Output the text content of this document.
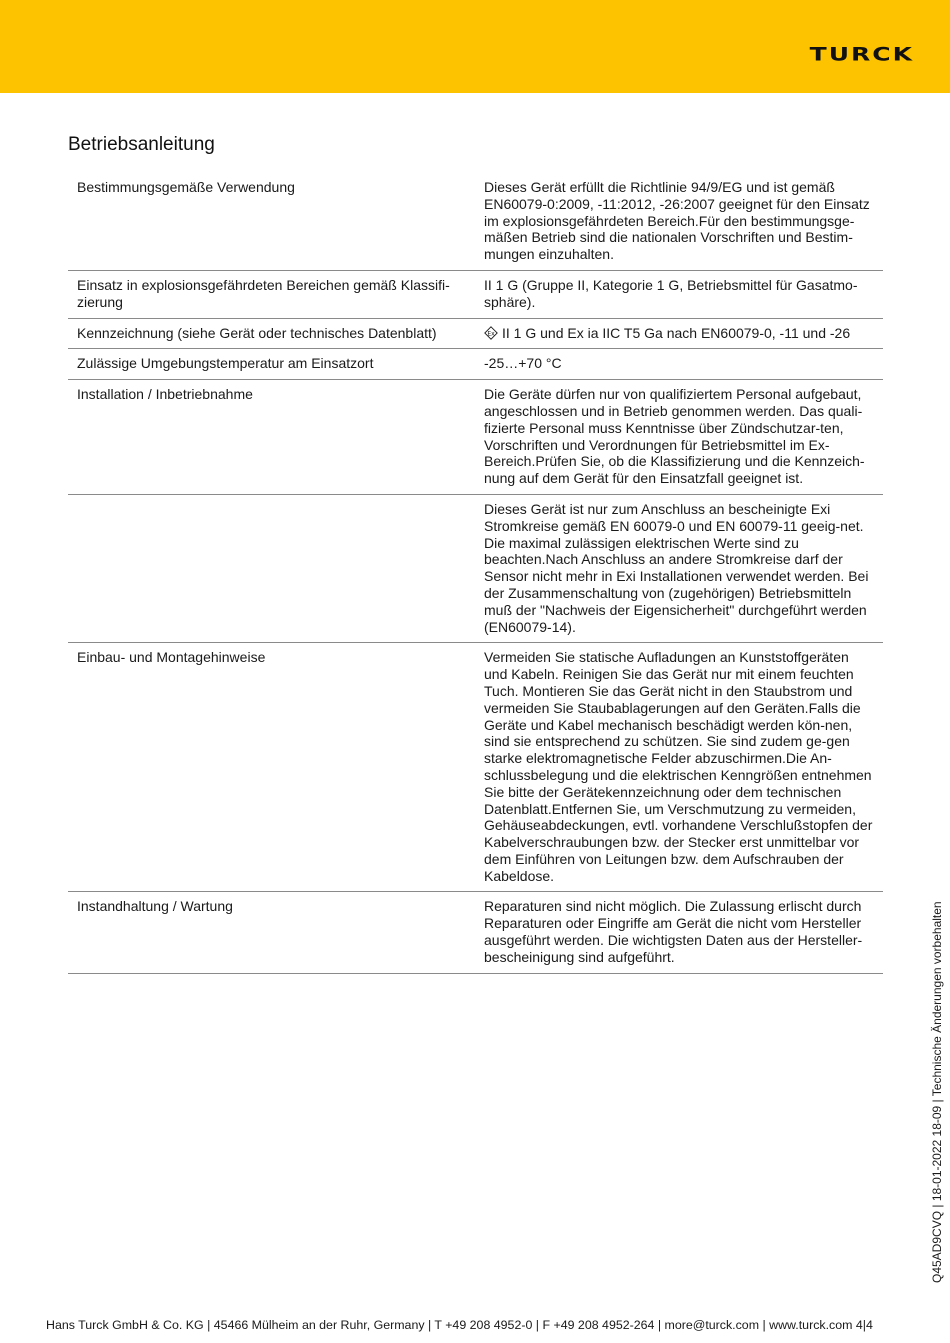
TURCK
Betriebsanleitung
Bestimmungsgemäße Verwendung	Dieses Gerät erfüllt die Richtlinie 94/9/EG und ist gemäß EN60079-0:2009, -11:2012, -26:2007 geeignet für den Einsatz im explosionsgefährdeten Bereich.Für den bestimmungsge-mäßen Betrieb sind die nationalen Vorschriften und Bestim-mungen einzuhalten.
Einsatz in explosionsgefährdeten Bereichen gemäß Klassifi-zierung	II 1 G (Gruppe II, Kategorie 1 G, Betriebsmittel für Gasatmo-sphäre).
Kennzeichnung (siehe Gerät oder technisches Datenblatt)	Ex II 1 G und Ex ia IIC T5 Ga nach EN60079-0, -11 und -26
Zulässige Umgebungstemperatur am Einsatzort	-25…+70 °C
Installation / Inbetriebnahme	Die Geräte dürfen nur von qualifiziertem Personal aufgebaut, angeschlossen und in Betrieb genommen werden. Das quali-fizierte Personal muss Kenntnisse über Zündschutzar-ten, Vorschriften und Verordnungen für Betriebsmittel im Ex-Bereich.Prüfen Sie, ob die Klassifizierung und die Kennzeich-nung auf dem Gerät für den Einsatzfall geeignet ist.
	Dieses Gerät ist nur zum Anschluss an bescheinigte Exi Stromkreise gemäß EN 60079-0 und EN 60079-11 geeig-net. Die maximal zulässigen elektrischen Werte sind zu beachten.Nach Anschluss an andere Stromkreise darf der Sensor nicht mehr in Exi Installationen verwendet werden. Bei der Zusammenschaltung von (zugehörigen) Betriebsmitteln muß der "Nachweis der Eigensicherheit" durchgeführt werden (EN60079-14).
Einbau- und Montagehinweise	Vermeiden Sie statische Aufladungen an Kunststoffgeräten und Kabeln. Reinigen Sie das Gerät nur mit einem feuchten Tuch. Montieren Sie das Gerät nicht in den Staubstrom und vermeiden Sie Staubablagerungen auf den Geräten.Falls die Geräte und Kabel mechanisch beschädigt werden kön-nen, sind sie entsprechend zu schützen. Sie sind zudem ge-gen starke elektromagnetische Felder abzuschirmen.Die An-schlussbelegung und die elektrischen Kenngrößen entnehmen Sie bitte der Gerätekennzeichnung oder dem technischen Datenblatt.Entfernen Sie, um Verschmutzung zu vermeiden, Gehäuseabdeckungen, evtl. vorhandene Verschlußstopfen der Kabelverschraubungen bzw. der Stecker erst unmittelbar vor dem Einführen von Leitungen bzw. dem Aufschrauben der Kabeldose.
Instandhaltung / Wartung	Reparaturen sind nicht möglich. Die Zulassung erlischt durch Reparaturen oder Eingriffe am Gerät die nicht vom Hersteller ausgeführt werden. Die wichtigsten Daten aus der Hersteller-bescheinigung sind aufgeführt.	Q45AD9CVQ | 18-01-2022 18-09 | Technische Änderungen vorbehalten
Hans Turck GmbH & Co. KG | 45466 Mülheim an der Ruhr, Germany | T +49 208 4952-0 | F +49 208 4952-264 | more@turck.com | www.turck.com 4|4
